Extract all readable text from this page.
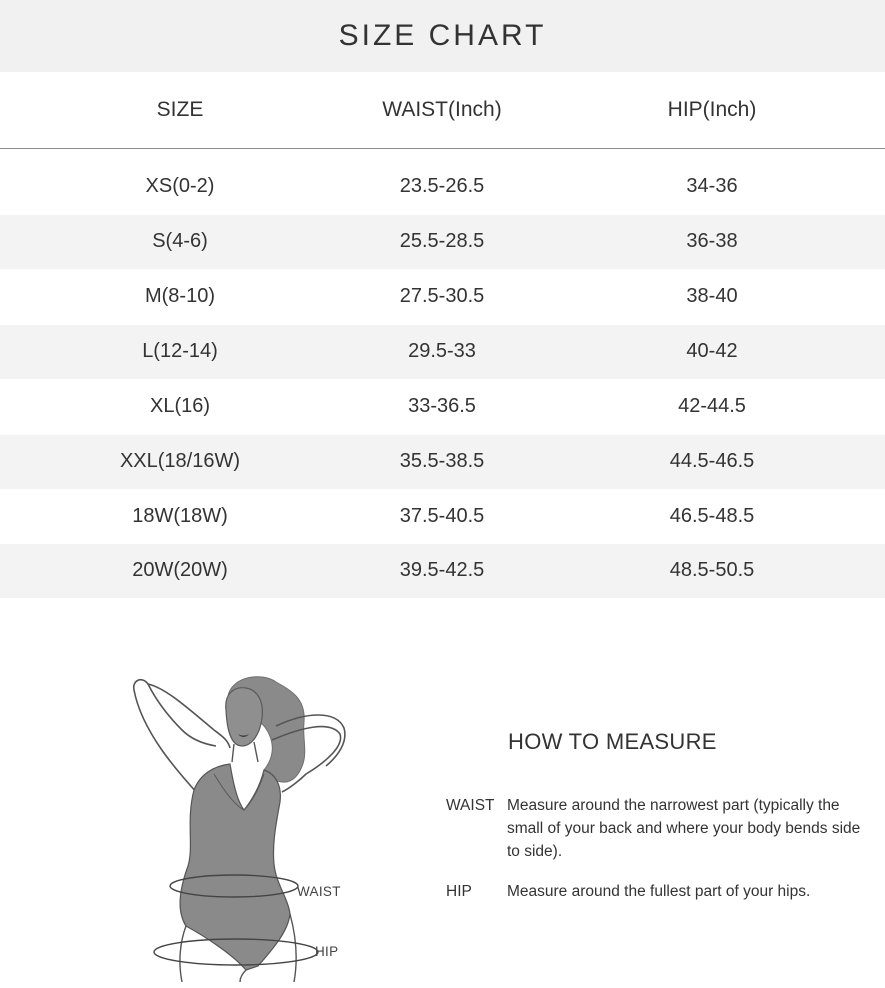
SIZE CHART
SIZE	WAIST(Inch)	HIP(Inch)
XS(0-2)	23.5-26.5	34-36
S(4-6)	25.5-28.5	36-38
M(8-10)	27.5-30.5	38-40
L(12-14)	29.5-33	40-42
XL(16)	33-36.5	42-44.5
XXL(18/16W)	35.5-38.5	44.5-46.5
18W(18W)	37.5-40.5	46.5-48.5
20W(20W)	39.5-42.5	48.5-50.5
WAIST
HIP
HOW TO MEASURE
WAIST Measure around the narrowest part (typically the small of your back and where your body bends side to side).
HIP	Measure around the fullest part of your hips.
